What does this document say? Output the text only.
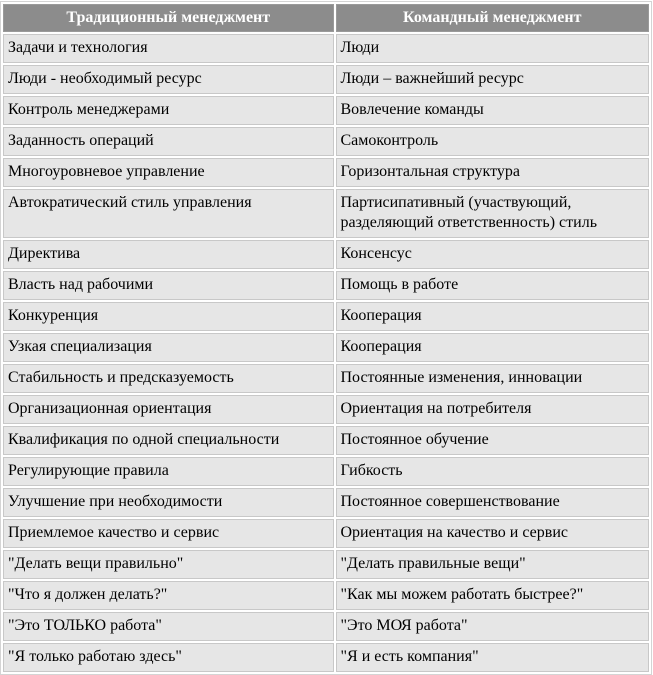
Традиционный менеджмент	Командный менеджмент
Задачи и технология	Люди
Люди - необходимый ресурс	Люди – важнейший ресурс
Контроль менеджерами	Вовлечение команды
Заданность операций	Самоконтроль
Многоуровневое управление	Горизонтальная структура
Автократический стиль управления	Партисипативный (участвующий, разделяющий ответственность) стиль
Директива	Консенсус
Власть над рабочими	Помощь в работе
Конкуренция	Кооперация
Узкая специализация	Кооперация
Стабильность и предсказуемость	Постоянные изменения, инновации
Организационная ориентация	Ориентация на потребителя
Квалификация по одной специальности	Постоянное обучение
Регулирующие правила	Гибкость
Улучшение при необходимости	Постоянное совершенствование
Приемлемое качество и сервис	Ориентация на качество и сервис
"Делать вещи правильно"	"Делать правильные вещи"
"Что я должен делать?"	"Как мы можем работать быстрее?"
"Это ТОЛЬКО работа"	"Это МОЯ работа"
"Я только работаю здесь"	"Я и есть компания"
